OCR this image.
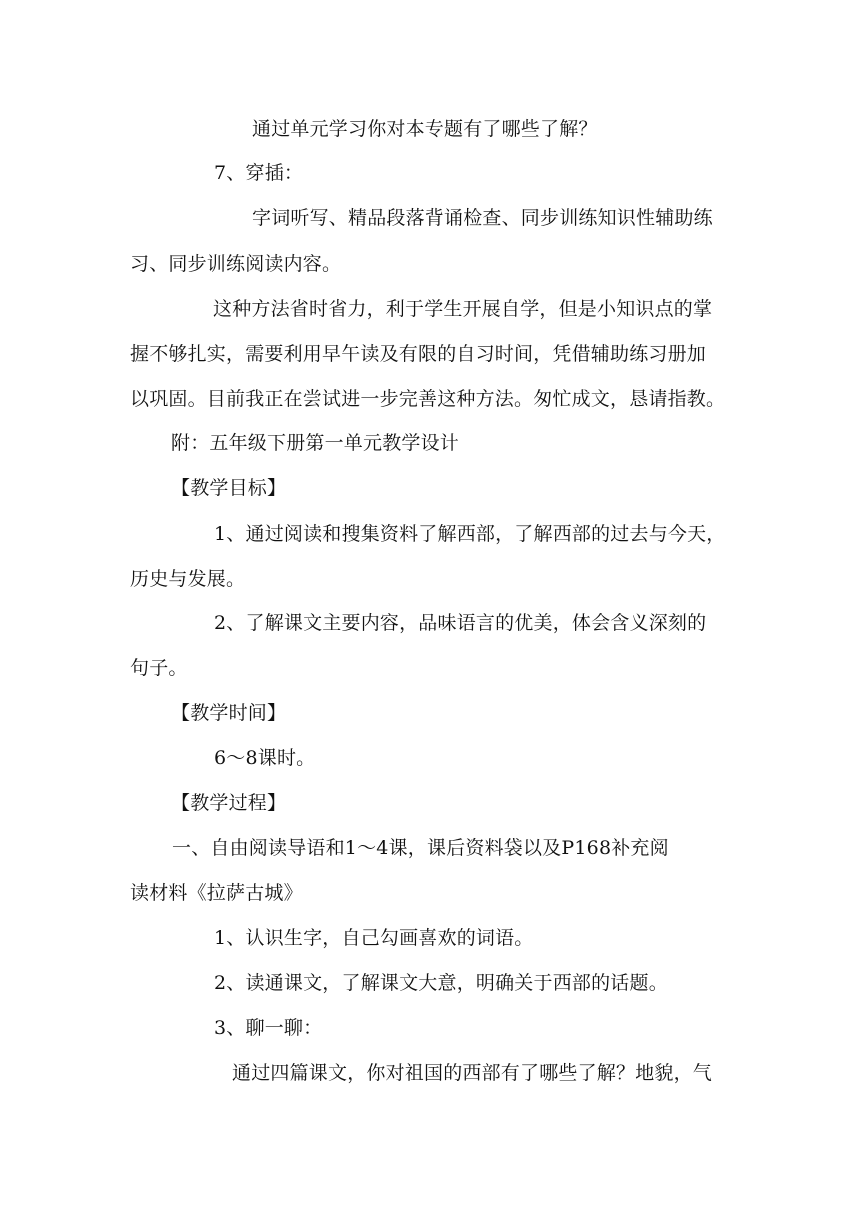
通过单元学习你对本专题有了哪些了解？
7、穿插：
字词听写、精品段落背诵检查、同步训练知识性辅助练
习、同步训练阅读内容。
这种方法省时省力，利于学生开展自学，但是小知识点的掌
握不够扎实，需要利用早午读及有限的自习时间，凭借辅助练习册加
以巩固。目前我正在尝试进一步完善这种方法。匆忙成文，恳请指教。
附：五年级下册第一单元教学设计
【教学目标】
1、通过阅读和搜集资料了解西部，了解西部的过去与今天，
历史与发展。
2、了解课文主要内容，品味语言的优美，体会含义深刻的
句子。
【教学时间】
6～8课时。
【教学过程】
一、自由阅读导语和1～4课，课后资料袋以及P168补充阅
读材料《拉萨古城》
1、认识生字，自己勾画喜欢的词语。
2、读通课文，了解课文大意，明确关于西部的话题。
3、聊一聊：
通过四篇课文，你对祖国的西部有了哪些了解？地貌，气
